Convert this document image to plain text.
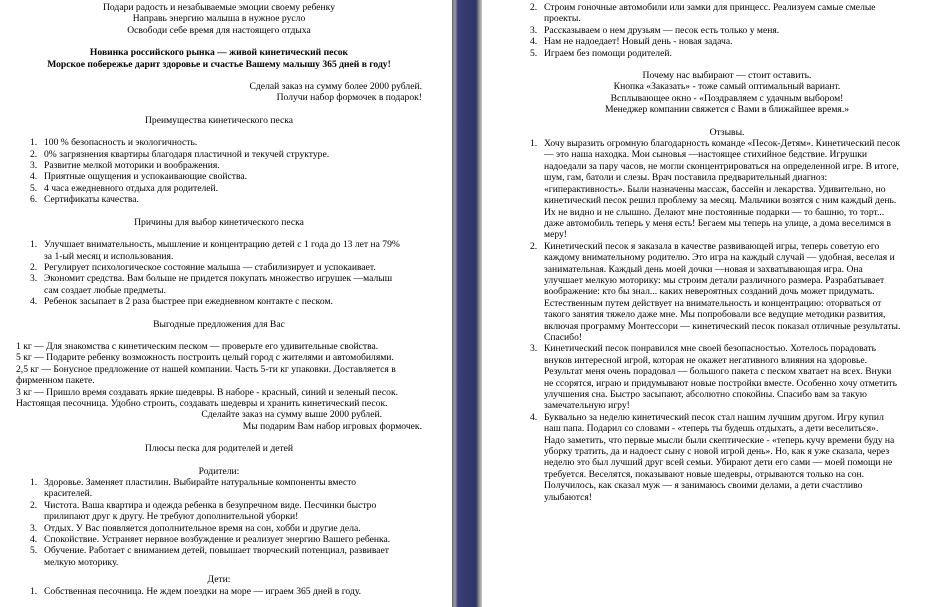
Подари радость и незабываемые эмоции своему ребенку

Направь энергию малыша в нужное русло

Освободи себе время для настоящего отдыха

Новинка российского рынка — живой кинетический песок

Морское побережье дарит здоровье и счастье Вашему малышу 365 дней в году!

Сделай заказ на сумму более 2000 рублей.

Получи набор формочек в подарок!

Преимущества кинетического песка

1. 100 % безопасность и экологичность.
2. 0% загрязнения квартиры благодаря пластичной и текучей структуре.
3. Развитие мелкой моторики и воображения.
4. Приятные ощущения и успокаивающие свойства.
5. 4 часа ежедневного отдыха для родителей.
6. Сертификаты качества.

Причины для выбор кинетического песка

1. Улучшает внимательность, мышление и концентрацию детей с 1 года до 13 лет на 79%

за 1-ый месяц и использования.

2. Регулирует психологическое состояние малыша — стабилизирует и успокаивает.

3. Экономит средства. Вам больше не придется покупать множество игрушек —малыш

сам создает любые предметы.

4. Ребенок засыпает в 2 раза быстрее при ежедневном контакте с песком.

Выгодные предложения для Вас

1 кг — Для знакомства с кинетическим песком — проверьте его удивительные свойства.

5 кг — Подарите ребенку возможность построить целый город с жителями и автомобилями.

2,5 кг — Бонусное предложение от нашей компании. Часть 5-ти кг упаковки. Доставляется в

фирменном пакете.

3 кг — Пришло время создавать яркие шедевры. В наборе - красный, синий и зеленый песок.

Настоящая песочница. Удобно строить, создавать шедевры и хранить кинетический песок.

Сделайте заказ на сумму выше 2000 рублей.

Мы подарим Вам набор игровых формочек.

Плюсы песка для родителей и детей

Родители:

1. Здоровье. Заменяет пластилин. Выбирайте натуральные компоненты вместо

красителей.

2. Чистота. Ваша квартира и одежда ребенка в безупречном виде. Песчинки быстро

прилипают друг к другу. Не требуют дополнительной уборки!

3. Отдых. У Вас появляется дополнительное время на сон, хобби и другие дела.

4. Спокойствие. Устраняет нервное возбуждение и реализует энергию Вашего ребенка.

5. Обучение. Работает с вниманием детей, повышает творческий потенциал, развивает

мелкую моторику.

Дети:

1. Собственная песочница. Не ждем поездки на море — играем 365 дней в году.

2. Строим гоночные автомобили или замки для принцесс. Реализуем самые смелые

проекты.

3. Рассказываем о нем друзьям — песок есть только у меня.

4. Нам не надоедает! Новый день - новая задача.

5. Играем без помощи родителей.

Почему нас выбирают — стоит оставить.

Кнопка «Заказать» - тоже самый оптимальный вариант.

Всплывающее окно - «Поздравляем с удачным выбором!

Менеджер компании свяжется с Вами в ближайшее время.»

Отзывы.

1. Хочу выразить огромную благодарность команде «Песок-Детям». Кинетический песок

— это наша находка. Мои сыновья —настоящее стихийное бедствие. Игрушки

надоедали за пару часов, не могли сконцентрироваться на определенной игре. В итоге,

шум, гам, батоли и слезы. Врач поставила предварительный диагноз:

«гиперактивность». Были назначены массаж, бассейн и лекарства. Удивительно, но

кинетический песок решил проблему за месяц. Мальчики возятся с ним каждый день.

Их не видно и не слышно. Делают мне постоянные подарки — то башню, то торт...

даже автомобиль теперь у меня есть! Бегаем мы теперь на улице, а дома веселимся в

меру!

2. Кинетический песок я заказала в качестве развивающей игры, теперь советую его

каждому внимательному родителю. Это игра на каждый случай — удобная, веселая и

занимательная. Каждый день моей дочки —новая и захватывающая игра. Она

улучшает мелкую моторику: мы строим детали различного размера. Разрабатывает

воображение: кто бы знал... каких невероятных созданий дочь может придумать.

Естественным путем действует на внимательность и концентрацию: оторваться от

такого занятия тяжело даже мне. Мы попробовали все ведущие методики развития,

включая программу Монтессори — кинетический песок показал отличные результаты.

Спасибо!

3. Кинетический песок понравился мне своей безопасностью. Хотелось порадовать

внуков интересной игрой, которая не окажет негативного влияния на здоровье.

Результат меня очень порадовал — большого пакета с песком хватает на всех. Внуки

не ссорятся, играю и придумывают новые постройки вместе. Особенно хочу отметить

улучшения сна. Быстро засыпают, абсолютно спокойны. Спасибо вам за такую

замечательную игру!

4. Буквально за неделю кинетический песок стал нашим лучшим другом. Игру купил

наш папа. Подарил со словами - «теперь ты будешь отдыхать, а дети веселиться».

Надо заметить, что первые мысли были скептические - «теперь кучу времени буду на

уборку тратить, да и надоест сыну с новой игрой день». Но, как я уже сказала, через

неделю это был лучший друг всей семьи. Убирают дети его сами — моей помощи не

требуется. Веселятся, показывают новые шедевры, отрываются только на сон.

Получилось, как сказал муж — я занимаюсь своими делами, а дети счастливо

улыбаются!
